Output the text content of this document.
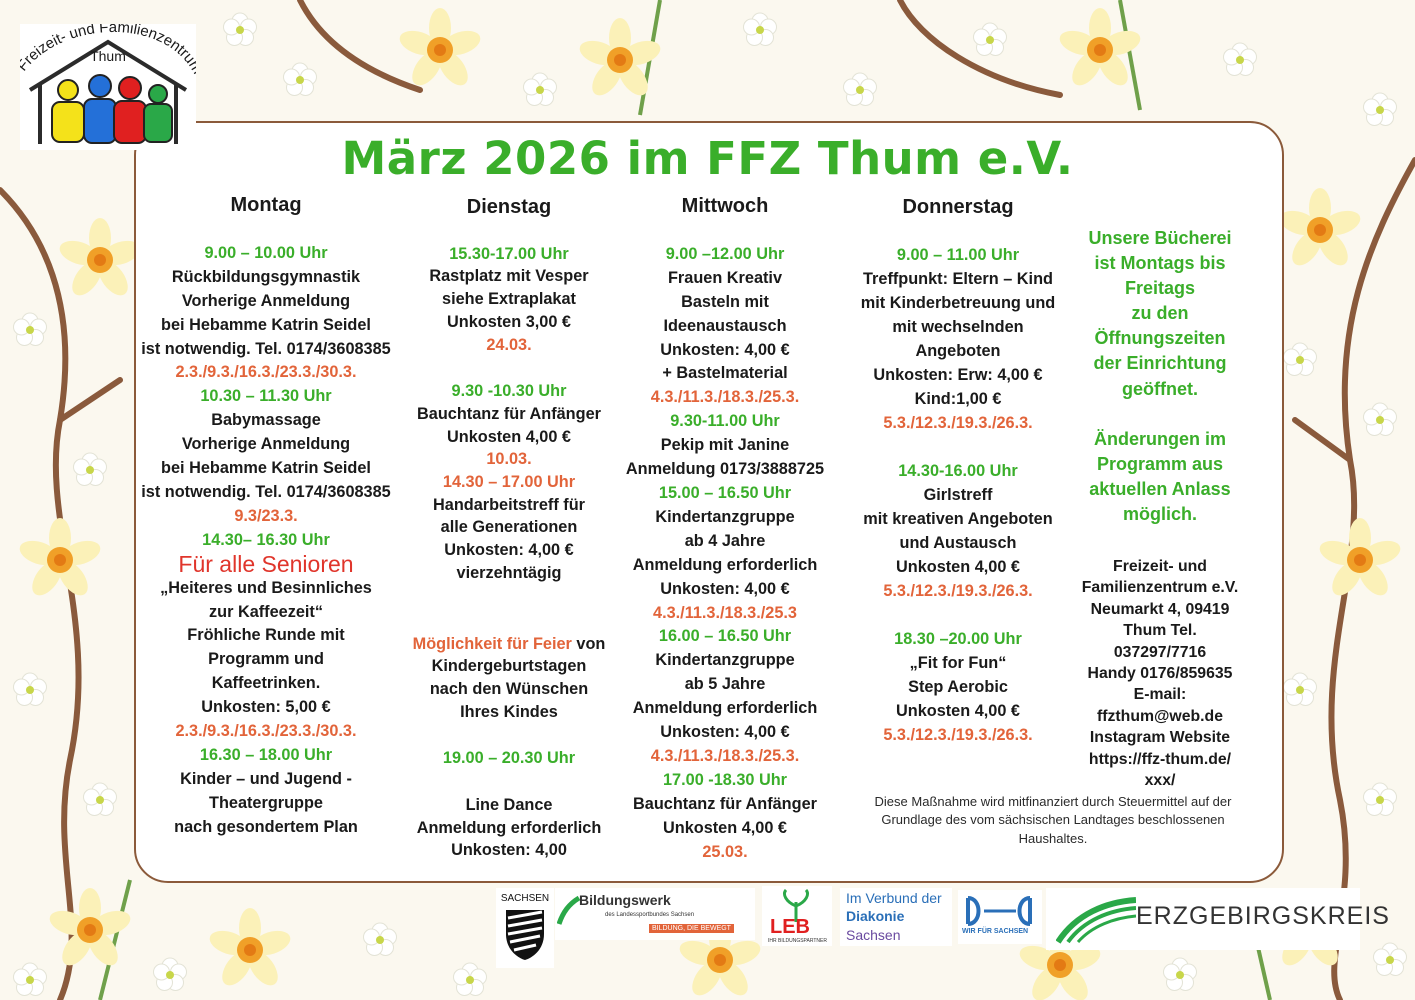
reizeit- und Familienzentr
Thum
März 2026 im FFZ Thum e.V.
Montag
9.00 – 10.00 Uhr
Rückbildungsgymnastik
Vorherige Anmeldung
bei Hebamme Katrin Seidel
ist notwendig. Tel. 0174/3608385
2.3./9.3./16.3./23.3./30.3.
10.30 – 11.30 Uhr
Babymassage
Vorherige Anmeldung
bei Hebamme Katrin Seidel
ist notwendig. Tel. 0174/3608385
9.3/23.3.
14.30– 16.30 Uhr
Für alle Senioren
„Heiteres und Besinnliches
zur Kaffeezeit“
Fröhliche Runde mit
Programm und
Kaffeetrinken.
Unkosten: 5,00 €
2.3./9.3./16.3./23.3./30.3.
16.30 – 18.00 Uhr
Kinder – und Jugend -
Theatergruppe
nach gesondertem Plan
Dienstag
15.30-17.00 Uhr
Rastplatz mit Vesper
siehe Extraplakat
Unkosten 3,00 €
24.03.
9.30 -10.30 Uhr
Bauchtanz für Anfänger
Unkosten 4,00 €
10.03.
14.30 – 17.00 Uhr
Handarbeitstreff für
alle Generationen
Unkosten: 4,00 €
vierzehntägig
Möglichkeit für Feier von
Kindergeburtstagen
nach den Wünschen
Ihres Kindes
19.00 – 20.30 Uhr
Line Dance
Anmeldung erforderlich
Unkosten: 4,00
Mittwoch
9.00 –12.00 Uhr
Frauen Kreativ
Basteln mit
Ideenaustausch
Unkosten: 4,00 €
+ Bastelmaterial
4.3./11.3./18.3./25.3.
9.30-11.00 Uhr
Pekip mit Janine
Anmeldung 0173/3888725
15.00 – 16.50 Uhr
Kindertanzgruppe
ab 4 Jahre
Anmeldung erforderlich
Unkosten: 4,00 €
4.3./11.3./18.3./25.3
16.00 – 16.50 Uhr
Kindertanzgruppe
ab 5 Jahre
Anmeldung erforderlich
Unkosten: 4,00 €
4.3./11.3./18.3./25.3.
17.00 -18.30 Uhr
Bauchtanz für Anfänger
Unkosten 4,00 €
25.03.
Donnerstag
9.00 – 11.00 Uhr
Treffpunkt: Eltern – Kind
mit Kinderbetreuung und
mit wechselnden
Angeboten
Unkosten: Erw: 4,00 €
Kind:1,00 €
5.3./12.3./19.3./26.3.
14.30-16.00 Uhr
Girlstreff
mit kreativen Angeboten
und Austausch
Unkosten 4,00 €
5.3./12.3./19.3./26.3.
18.30 –20.00 Uhr
„Fit for Fun“
Step Aerobic
Unkosten 4,00 €
5.3./12.3./19.3./26.3.
Unsere Bücherei
ist Montags bis
Freitags
zu den
Öffnungszeiten
der Einrichtung
geöffnet.

Änderungen im
Programm aus
aktuellen Anlass
möglich.
Freizeit- und
Familienzentrum e.V.
Neumarkt 4, 09419
Thum Tel.
037297/7716
Handy 0176/859635
E-mail:
ffzthum@web.de
Instagram Website
https://ffz-thum.de/
xxx/
Diese Maßnahme wird mitfinanziert durch Steuermittel auf der
Grundlage des vom sächsischen Landtages beschlossenen
Haushaltes.
SACHSEN	Bildungswerk
des Landessportbundes Sachsen
BILDUNG, DIE BEWEGT LEB
IHR BILDUNGSPARTNER
Im Verbund der
Diakonie
Sachsen	WIR FÜR SACHSEN
ERZGEBIRGSKREIS
